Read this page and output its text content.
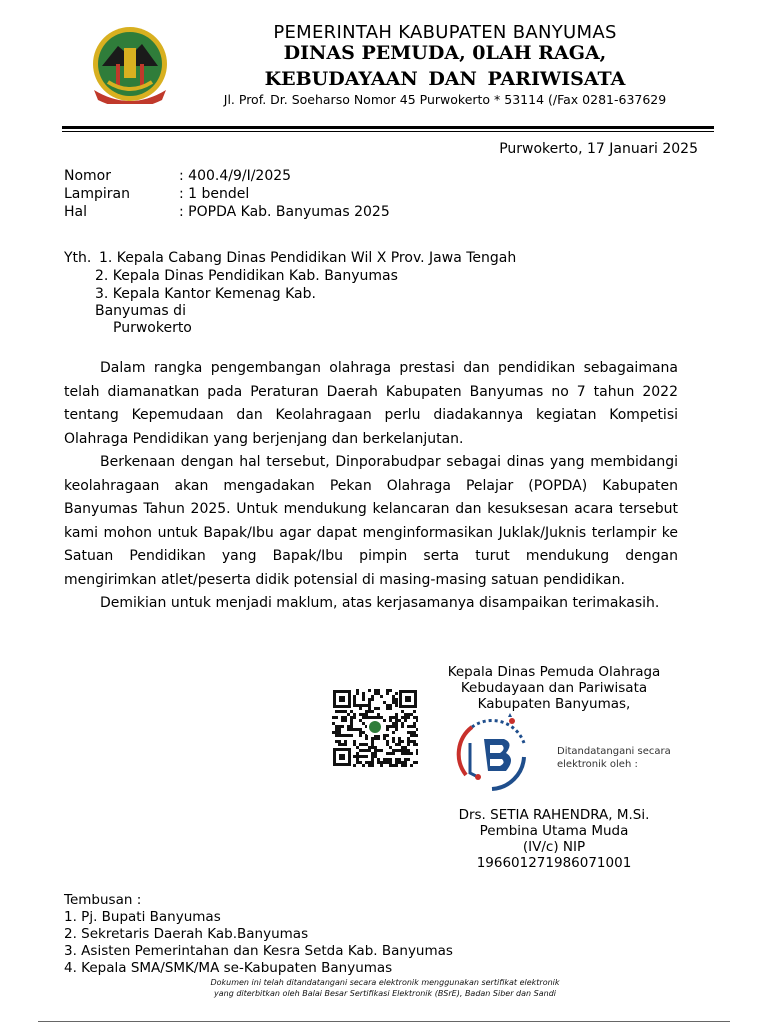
PEMERINTAH KABUPATEN BANYUMAS
DINAS PEMUDA, 0LAH RAGA,
KEBUDAYAAN DAN PARIWISATA
Jl. Prof. Dr. Soeharso Nomor 45 Purwokerto * 53114 (/Fax 0281-637629
Purwokerto, 17 Januari 2025
Nomor	: 400.4/9/I/2025
Lampiran	: 1 bendel
Hal	: POPDA Kab. Banyumas 2025
Yth. 1. Kepala Cabang Dinas Pendidikan Wil X Prov. Jawa Tengah
2. Kepala Dinas Pendidikan Kab. Banyumas
3. Kepala Kantor Kemenag Kab.
Banyumas di
Purwokerto

Dalam rangka pengembangan olahraga prestasi dan pendidikan sebagaimana telah diamanatkan pada Peraturan Daerah Kabupaten Banyumas no 7 tahun 2022 tentang Kepemudaan dan Keolahragaan perlu diadakannya kegiatan Kompetisi Olahraga Pendidikan yang berjenjang dan berkelanjutan.

Berkenaan dengan hal tersebut, Dinporabudpar sebagai dinas yang membidangi keolahragaan akan mengadakan Pekan Olahraga Pelajar (POPDA) Kabupaten Banyumas Tahun 2025. Untuk mendukung kelancaran dan kesuksesan acara tersebut kami mohon untuk Bapak/Ibu agar dapat menginformasikan Juklak/Juknis terlampir ke Satuan Pendidikan yang Bapak/Ibu pimpin serta turut mendukung dengan mengirimkan atlet/peserta didik potensial di masing-masing satuan pendidikan.

Demikian untuk menjadi maklum, atas kerjasamanya disampaikan terimakasih.

Kepala Dinas Pemuda Olahraga
Kebudayaan dan Pariwisata
Kabupaten Banyumas,
Ditandatangani secara elektronik oleh :
Drs. SETIA RAHENDRA, M.Si.
Pembina Utama Muda
(IV/c) NIP
196601271986071001
Tembusan :
1. Pj. Bupati Banyumas
2. Sekretaris Daerah Kab.Banyumas
3. Asisten Pemerintahan dan Kesra Setda Kab. Banyumas
4. Kepala SMA/SMK/MA se-Kabupaten Banyumas
Dokumen ini telah ditandatangani secara elektronik menggunakan sertifikat elektronik
yang diterbitkan oleh Balai Besar Sertifikasi Elektronik (BSrE), Badan Siber dan Sandi
